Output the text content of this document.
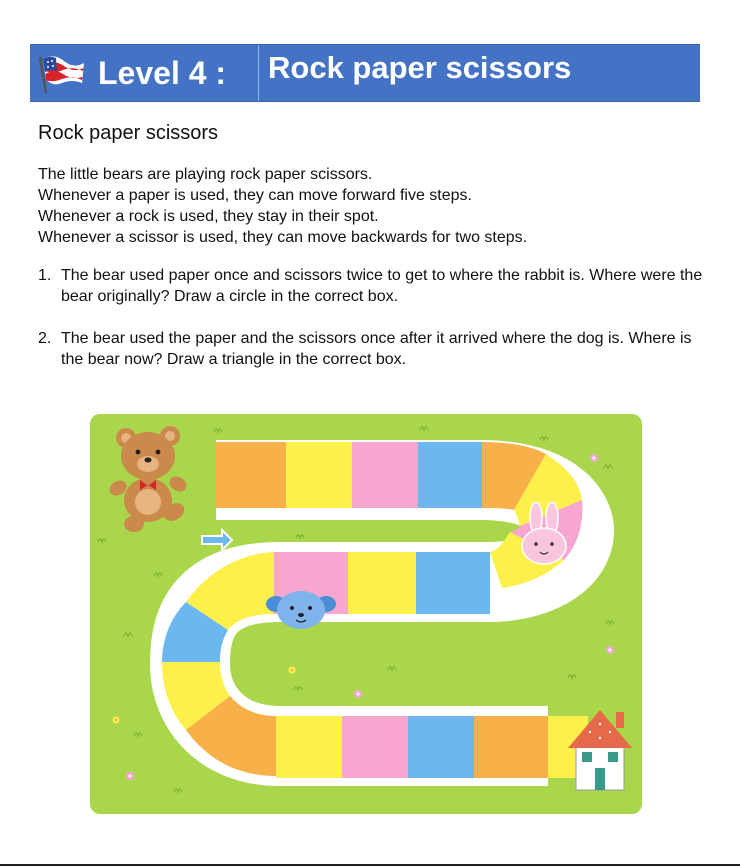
Level 4 : Rock paper scissors
Rock paper scissors

The little bears are playing rock paper scissors.

Whenever a paper is used, they can move forward five steps.

Whenever a rock is used, they stay in their spot.

Whenever a scissor is used, they can move backwards for two steps.

1. The bear used paper once and scissors twice to get to where the rabbit is. Where were the bear originally? Draw a circle in the correct box.
2. The bear used the paper and the scissors once after it arrived where the dog is. Where is the bear now? Draw a triangle in the correct box.
